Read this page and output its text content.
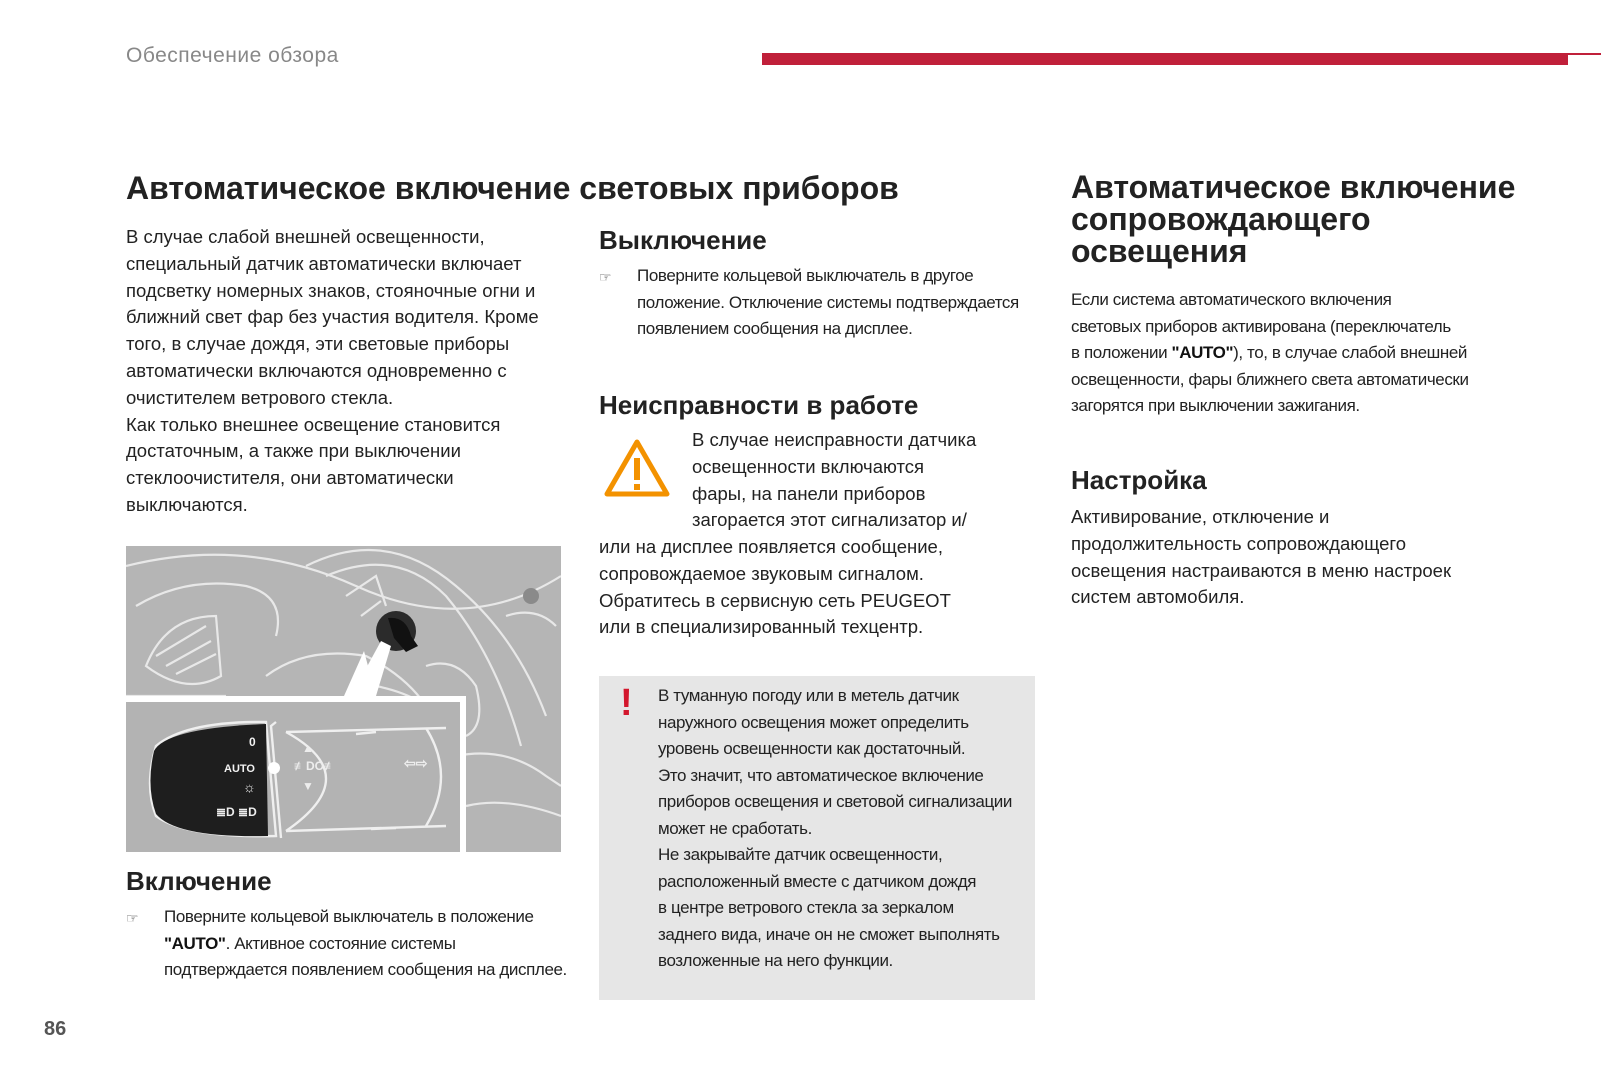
Обеспечение обзора
Автоматическое включение световых приборов
В случае слабой внешней освещенности,
специальный датчик автоматически включает
подсветку номерных знаков, стояночные огни и
ближний свет фар без участия водителя. Кроме
того, в случае дождя, эти световые приборы
автоматически включаются одновременно с
очистителем ветрового стекла.
Как только внешнее освещение становится
достаточным, а также при выключении
стеклоочистителя, они автоматически
выключаются.
0
AUTO
☼
⇦⇨
≣D ≣D
≢DO≢
▲
▼
Включение
☞	Поверните кольцевой выключатель в положение
"AUTO". Активное состояние системы
подтверждается появлением сообщения на дисплее.
Выключение
☞	Поверните кольцевой выключатель в другое
положение. Отключение системы подтверждается
появлением сообщения на дисплее.
Неисправности в работе
В случае неисправности датчика
освещенности включаются
фары, на панели приборов
загорается этот сигнализатор и/
или на дисплее появляется сообщение,
сопровождаемое звуковым сигналом.
Обратитесь в сервисную сеть PEUGEOT
или в специализированный техцентр.
! В туманную погоду или в метель датчик
наружного освещения может определить
уровень освещенности как достаточный.
Это значит, что автоматическое включение
приборов освещения и световой сигнализации
может не сработать.
Не закрывайте датчик освещенности,
расположенный вместе с датчиком дождя
в центре ветрового стекла за зеркалом
заднего вида, иначе он не сможет выполнять
возложенные на него функции.
Автоматическое включение
сопровождающего
освещения
Если система автоматического включения
световых приборов активирована (переключатель
в положении "AUTO"), то, в случае слабой внешней
освещенности, фары ближнего света автоматически
загорятся при выключении зажигания.
Настройка
Активирование, отключение и
продолжительность сопровождающего
освещения настраиваются в меню настроек
систем автомобиля.
86
